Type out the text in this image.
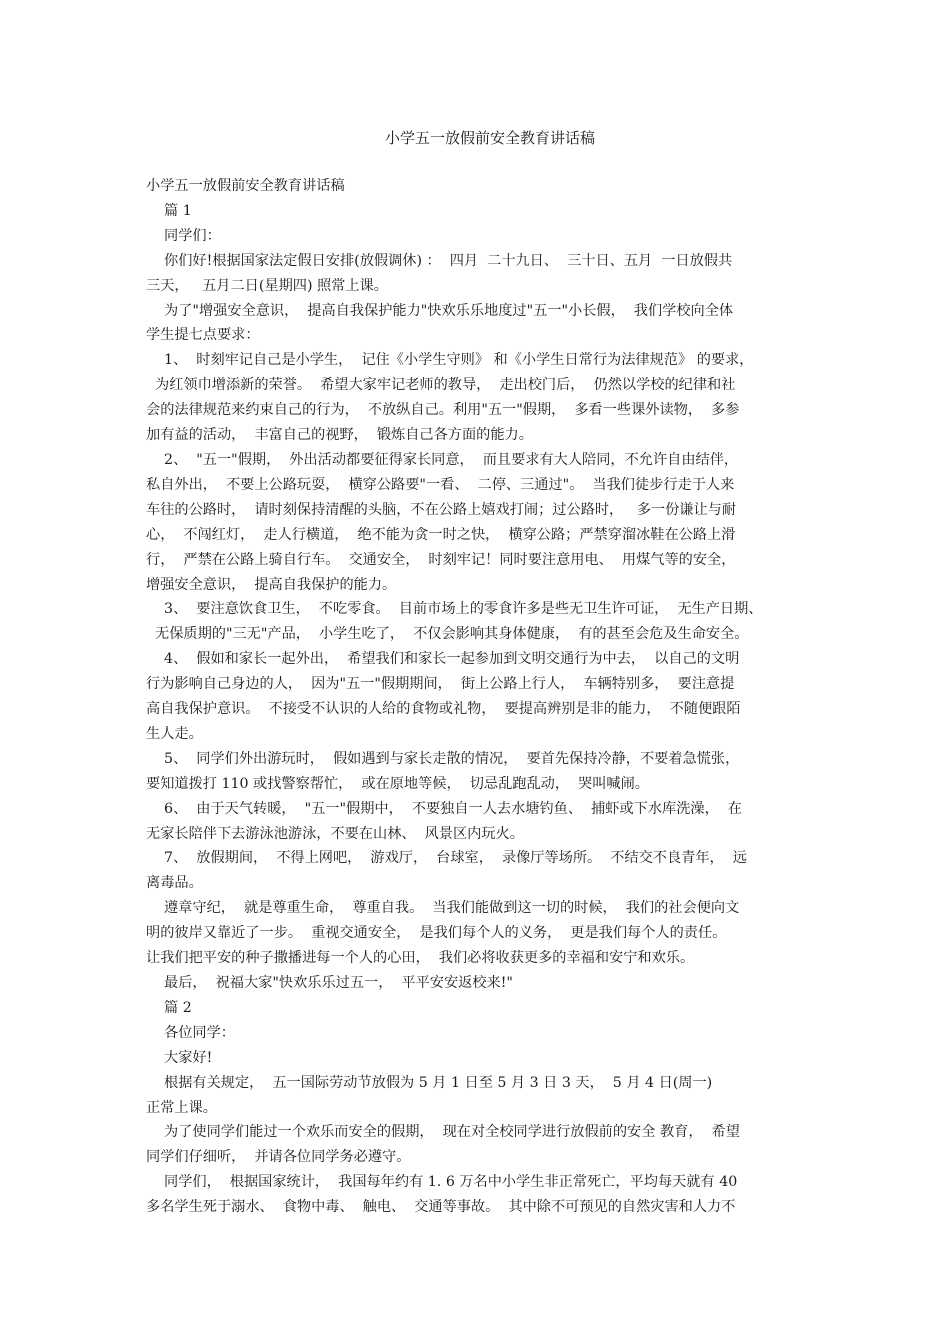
小学五一放假前安全教育讲话稿

小学五一放假前安全教育讲话稿

篇 1

同学们：

你们好!根据国家法定假日安排(放假调休) ：  四月  二十九日、  三十日、五月  一日放假共

三天，   五月二日(星期四) 照常上课。

为了"增强安全意识，  提高自我保护能力"快欢乐乐地度过"五一"小长假，  我们学校向全体

学生提七点要求：

1、  时刻牢记自己是小学生，  记住《小学生守则》 和《小学生日常行为法律规范》 的要求，

为红领巾增添新的荣誉。  希望大家牢记老师的教导，  走出校门后，  仍然以学校的纪律和社

会的法律规范来约束自己的行为，  不放纵自己。利用"五一"假期，  多看一些课外读物，  多参

加有益的活动，  丰富自己的视野，  锻炼自己各方面的能力。

2、  "五一"假期，  外出活动都要征得家长同意，  而且要求有大人陪同，不允许自由结伴，

私自外出，  不要上公路玩耍，  横穿公路要"一看、  二停、三通过"。  当我们徒步行走于人来

车往的公路时，  请时刻保持清醒的头脑，不在公路上嬉戏打闹；过公路时，   多一份谦让与耐

心，  不闯红灯，  走人行横道，  绝不能为贪一时之快，  横穿公路；严禁穿溜冰鞋在公路上滑

行，  严禁在公路上骑自行车。  交通安全，  时刻牢记！同时要注意用电、  用煤气等的安全，

增强安全意识，  提高自我保护的能力。

3、  要注意饮食卫生，  不吃零食。  目前市场上的零食许多是些无卫生许可证，  无生产日期、

无保质期的"三无"产品，  小学生吃了，  不仅会影响其身体健康，  有的甚至会危及生命安全。

4、  假如和家长一起外出，  希望我们和家长一起参加到文明交通行为中去，  以自己的文明

行为影响自己身边的人，  因为"五一"假期期间，  街上公路上行人，  车辆特别多，  要注意提

高自我保护意识。  不接受不认识的人给的食物或礼物，  要提高辨别是非的能力，  不随便跟陌

生人走。

5、  同学们外出游玩时，  假如遇到与家长走散的情况，  要首先保持冷静，不要着急慌张，

要知道拨打 110 或找警察帮忙，  或在原地等候，  切忌乱跑乱动，  哭叫喊闹。

6、  由于天气转暖，  "五一"假期中，  不要独自一人去水塘钓鱼、  捕虾或下水库洗澡，  在

无家长陪伴下去游泳池游泳，不要在山林、  风景区内玩火。

7、  放假期间，  不得上网吧，  游戏厅，  台球室，  录像厅等场所。  不结交不良青年，  远

离毒品。

遵章守纪，  就是尊重生命，  尊重自我。  当我们能做到这一切的时候，  我们的社会便向文

明的彼岸又靠近了一步。  重视交通安全，  是我们每个人的义务，  更是我们每个人的责任。

让我们把平安的种子撒播进每一个人的心田，  我们必将收获更多的幸福和安宁和欢乐。

最后，  祝福大家"快欢乐乐过五一，  平平安安返校来!"

篇 2

各位同学：

大家好!

根据有关规定，  五一国际劳动节放假为 5 月 1 日至 5 月 3 日 3 天，  5 月 4 日(周一)

正常上课。

为了使同学们能过一个欢乐而安全的假期，  现在对全校同学进行放假前的安全 教育，  希望

同学们仔细听，  并请各位同学务必遵守。

同学们，  根据国家统计，  我国每年约有 1. 6 万名中小学生非正常死亡，平均每天就有 40

多名学生死于溺水、  食物中毒、  触电、  交通等事故。  其中除不可预见的自然灾害和人力不
